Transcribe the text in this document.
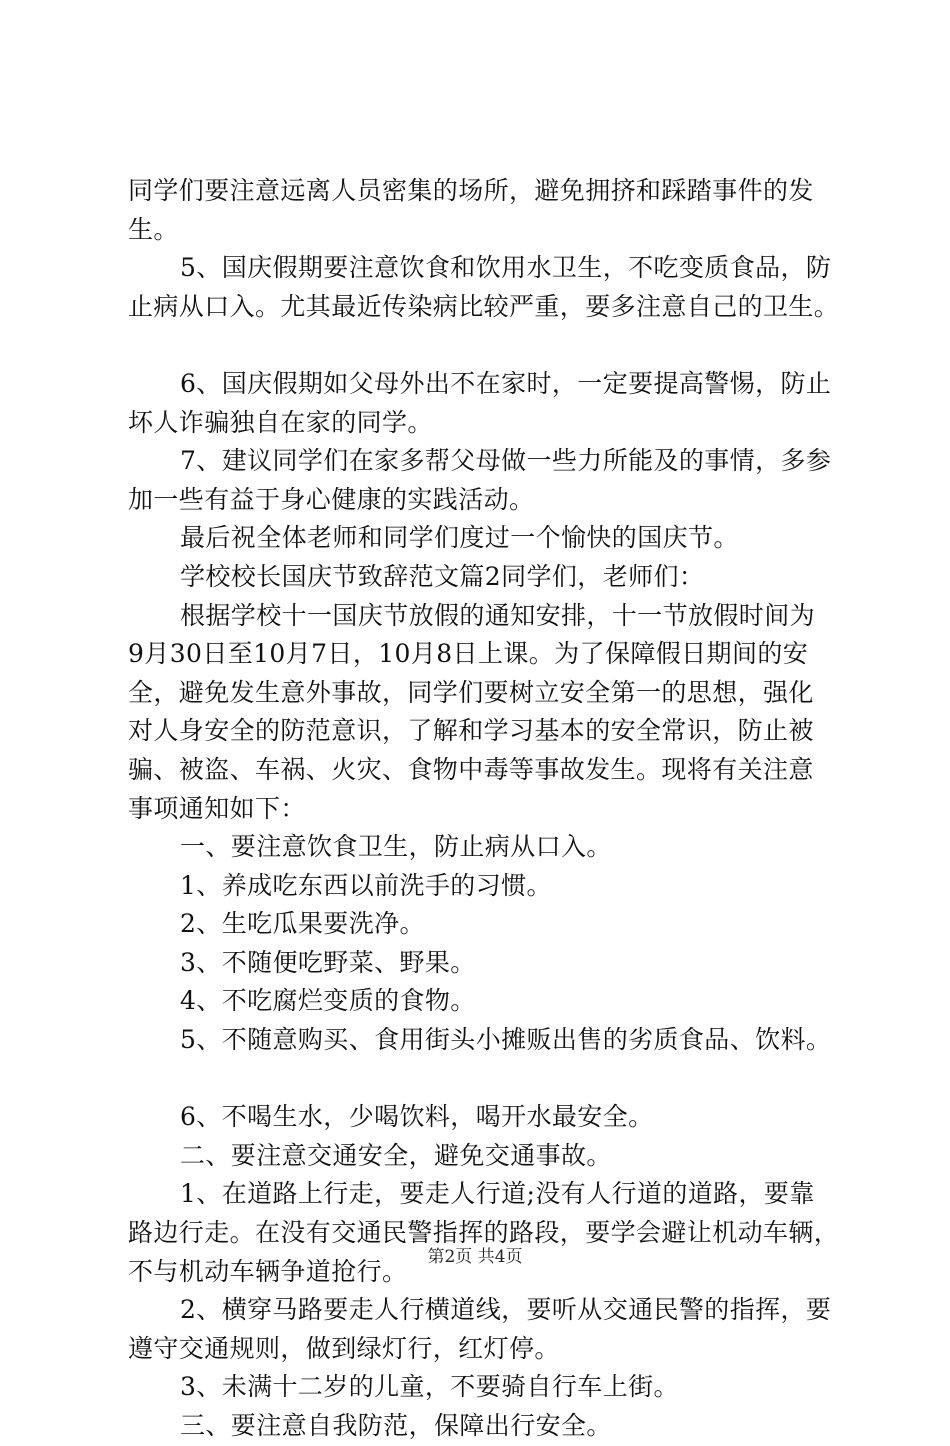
同学们要注意远离人员密集的场所，避免拥挤和踩踏事件的发

生。

5、国庆假期要注意饮食和饮用水卫生，不吃变质食品，防

止病从口入。尤其最近传染病比较严重，要多注意自己的卫生。

6、国庆假期如父母外出不在家时，一定要提高警惕，防止

坏人诈骗独自在家的同学。

7、建议同学们在家多帮父母做一些力所能及的事情，多参

加一些有益于身心健康的实践活动。

最后祝全体老师和同学们度过一个愉快的国庆节。

学校校长国庆节致辞范文篇2同学们，老师们：

根据学校十一国庆节放假的通知安排，十一节放假时间为

9月30日至10月7日，10月8日上课。为了保障假日期间的安

全，避免发生意外事故，同学们要树立安全第一的思想，强化

对人身安全的防范意识，了解和学习基本的安全常识，防止被

骗、被盗、车祸、火灾、食物中毒等事故发生。现将有关注意

事项通知如下：

一、要注意饮食卫生，防止病从口入。

1、养成吃东西以前洗手的习惯。

2、生吃瓜果要洗净。

3、不随便吃野菜、野果。

4、不吃腐烂变质的食物。

5、不随意购买、食用街头小摊贩出售的劣质食品、饮料。

6、不喝生水，少喝饮料，喝开水最安全。

二、要注意交通安全，避免交通事故。

1、在道路上行走，要走人行道;没有人行道的道路，要靠

路边行走。在没有交通民警指挥的路段，要学会避让机动车辆，

不与机动车辆争道抢行。

2、横穿马路要走人行横道线，要听从交通民警的指挥，要

遵守交通规则，做到绿灯行，红灯停。

3、未满十二岁的儿童，不要骑自行车上街。

三、要注意自我防范，保障出行安全。

第2页 共4页
